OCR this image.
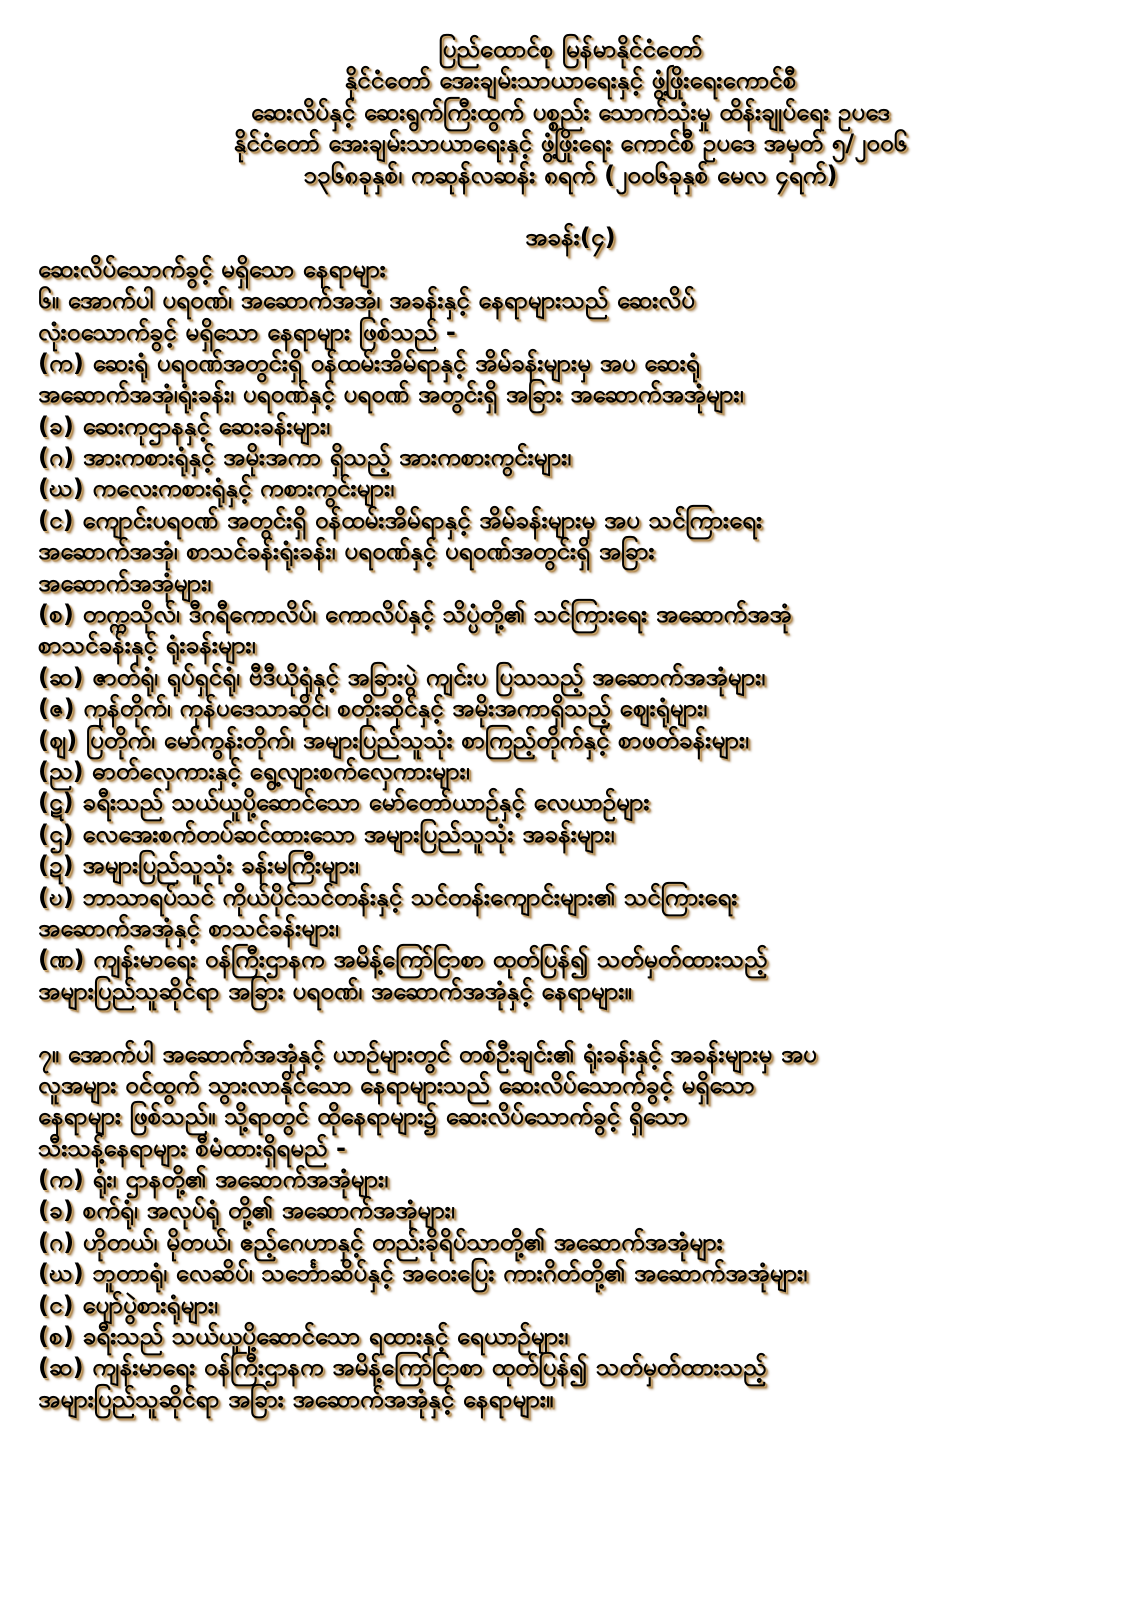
ပြည်ထောင်စု မြန်မာနိုင်ငံတော်
နိုင်ငံတော် အေးချမ်းသာယာရေးနှင့် ဖွံ့ဖြိုးရေးကောင်စီ
ဆေးလိပ်နှင့် ဆေးရွက်ကြီးထွက် ပစ္စည်း သောက်သုံးမှု ထိန်းချုပ်ရေး ဥပဒေ
နိုင်ငံတော် အေးချမ်းသာယာရေးနှင့် ဖွံ့ဖြိုးရေး ကောင်စီ ဥပဒေ အမှတ် ၅/၂၀၀၆
၁၃၆၈ခုနှစ်၊ ကဆုန်လဆန်း ၈ရက် (၂၀၀၆ခုနှစ် မေလ ၄ရက်)
အခန်း(၄)
ဆေးလိပ်သောက်ခွင့် မရှိသော နေရာများ
၆။ အောက်ပါ ပရဝဏ်၊ အဆောက်အအုံ၊ အခန်းနှင့် နေရာများသည် ဆေးလိပ်
လုံးဝသောက်ခွင့် မရှိသော နေရာများ ဖြစ်သည် -
(က) ဆေးရုံ ပရဝဏ်အတွင်းရှိ ဝန်ထမ်းအိမ်ရာနှင့် အိမ်ခန်းများမှ အပ ဆေးရုံ
အဆောက်အအုံ၊ရုံးခန်း၊ ပရဝဏ်နှင့် ပရဝဏ် အတွင်းရှိ အခြား အဆောက်အအုံများ၊
(ခ) ဆေးကုဌာနနှင့် ဆေးခန်းများ၊
(ဂ) အားကစားရုံနှင့် အမိုးအကာ ရှိသည့် အားကစားကွင်းများ၊
(ဃ) ကလေးကစားရုံနှင့် ကစားကွင်းများ၊
(င) ကျောင်းပရဝဏ် အတွင်းရှိ ဝန်ထမ်းအိမ်ရာနှင့် အိမ်ခန်းများမှ အပ သင်ကြားရေး
အဆောက်အအုံ၊ စာသင်ခန်းရုံးခန်း၊ ပရဝဏ်နှင့် ပရဝဏ်အတွင်းရှိ အခြား
အဆောက်အအုံများ၊
(စ) တက္ကသိုလ်၊ ဒီဂရီကောလိပ်၊ ကောလိပ်နှင့် သိပ္ပံတို့၏ သင်ကြားရေး အဆောက်အအုံ
စာသင်ခန်းနှင့် ရုံးခန်းများ၊
(ဆ) ဇာတ်ရုံ၊ ရုပ်ရှင်ရုံ၊ ဗီဒီယိုရုံနှင့် အခြားပွဲ ကျင်းပ ပြသသည့် အဆောက်အအုံများ၊
(ဇ) ကုန်တိုက်၊ ကုန်ပဒေသာဆိုင်၊ စတိုးဆိုင်နှင့် အမိုးအကာရှိသည့် ဈေးရုံများ၊
(ဈ) ပြတိုက်၊ မော်ကွန်းတိုက်၊ အများပြည်သူသုံး စာကြည့်တိုက်နှင့် စာဖတ်ခန်းများ၊
(ည) ဓာတ်လှေကားနှင့် ရွေ့လျားစက်လှေကားများ၊
(ဋ) ခရီးသည် သယ်ယူပို့ဆောင်သော မော်တော်ယာဉ်နှင့် လေယာဉ်များ
(ဌ) လေအေးစက်တပ်ဆင်ထားသော အများပြည်သူသုံး အခန်းများ၊
(ဍ) အများပြည်သူသုံး ခန်းမကြီးများ၊
(ဎ) ဘာသာရပ်သင် ကိုယ်ပိုင်သင်တန်းနှင့် သင်တန်းကျောင်းများ၏ သင်ကြားရေး
အဆောက်အအုံနှင့် စာသင်ခန်းများ၊
(ဏ) ကျန်းမာရေး ဝန်ကြီးဌာနက အမိန့်ကြော်ငြာစာ ထုတ်ပြန်၍ သတ်မှတ်ထားသည့်
အများပြည်သူဆိုင်ရာ အခြား ပရဝဏ်၊ အဆောက်အအုံနှင့် နေရာများ။
၇။ အောက်ပါ အဆောက်အအုံနှင့် ယာဉ်များတွင် တစ်ဦးချင်း၏ ရုံးခန်းနှင့် အခန်းများမှ အပ
လူအများ ဝင်ထွက် သွားလာနိုင်သော နေရာများသည် ဆေးလိပ်သောက်ခွင့် မရှိသော
နေရာများ ဖြစ်သည်။ သို့ရာတွင် ထိုနေရာများ၌ ဆေးလိပ်သောက်ခွင့် ရှိသော
သီးသန့်နေရာများ စီမံထားရှိရမည် -
(က) ရုံး၊ ဌာနတို့၏ အဆောက်အအုံများ၊
(ခ) စက်ရုံ၊ အလုပ်ရုံ တို့၏ အဆောက်အအုံများ၊
(ဂ) ဟိုတယ်၊ မိုတယ်၊ ဧည့်ဂေဟာနှင့် တည်းခိုရိပ်သာတို့၏ အဆောက်အအုံများ
(ဃ) ဘူတာရုံ၊ လေဆိပ်၊ သင်္ဘောဆိပ်နှင့် အဝေးပြေး ကားဂိတ်တို့၏ အဆောက်အအုံများ၊
(င) ပျော်ပွဲစားရုံများ၊
(စ) ခရီးသည် သယ်ယူပို့ဆောင်သော ရထားနှင့် ရေယာဉ်များ၊
(ဆ) ကျန်းမာရေး ဝန်ကြီးဌာနက အမိန့်ကြော်ငြာစာ ထုတ်ပြန်၍ သတ်မှတ်ထားသည့်
အများပြည်သူဆိုင်ရာ အခြား အဆောက်အအုံနှင့် နေရာများ။
